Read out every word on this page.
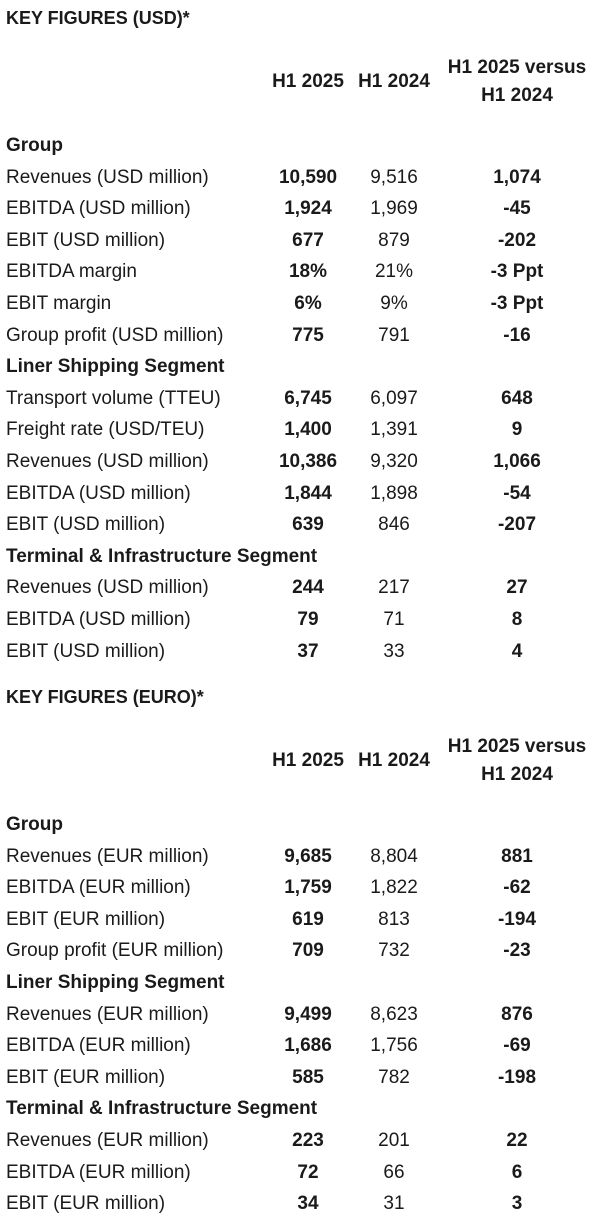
KEY FIGURES (USD)*
H1 2025 H1 2024
H1 2025 versus
H1 2024
Group
Revenues (USD million)	10,590	9,516	1,074
EBITDA (USD million)	1,924	1,969	-45
EBIT (USD million)	677	879	-202
EBITDA margin	18%	21%	-3 Ppt
EBIT margin	6%	9%	-3 Ppt
Group profit (USD million)	775	791	-16
Liner Shipping Segment
Transport volume (TTEU)	6,745	6,097	648
Freight rate (USD/TEU)	1,400	1,391	9
Revenues (USD million)	10,386	9,320	1,066
EBITDA (USD million)	1,844	1,898	-54
EBIT (USD million)	639	846	-207
Terminal & Infrastructure Segment
Revenues (USD million)	244	217	27
EBITDA (USD million)	79	71	8
EBIT (USD million)	37	33	4
KEY FIGURES (EURO)*
H1 2025 H1 2024
H1 2025 versus
H1 2024
Group
Revenues (EUR million)	9,685	8,804	881
EBITDA (EUR million)	1,759	1,822	-62
EBIT (EUR million)	619	813	-194
Group profit (EUR million)	709	732	-23
Liner Shipping Segment
Revenues (EUR million)	9,499	8,623	876
EBITDA (EUR million)	1,686	1,756	-69
EBIT (EUR million)	585	782	-198
Terminal & Infrastructure Segment
Revenues (EUR million)	223	201	22
EBITDA (EUR million)	72	66	6
EBIT (EUR million)	34	31	3
